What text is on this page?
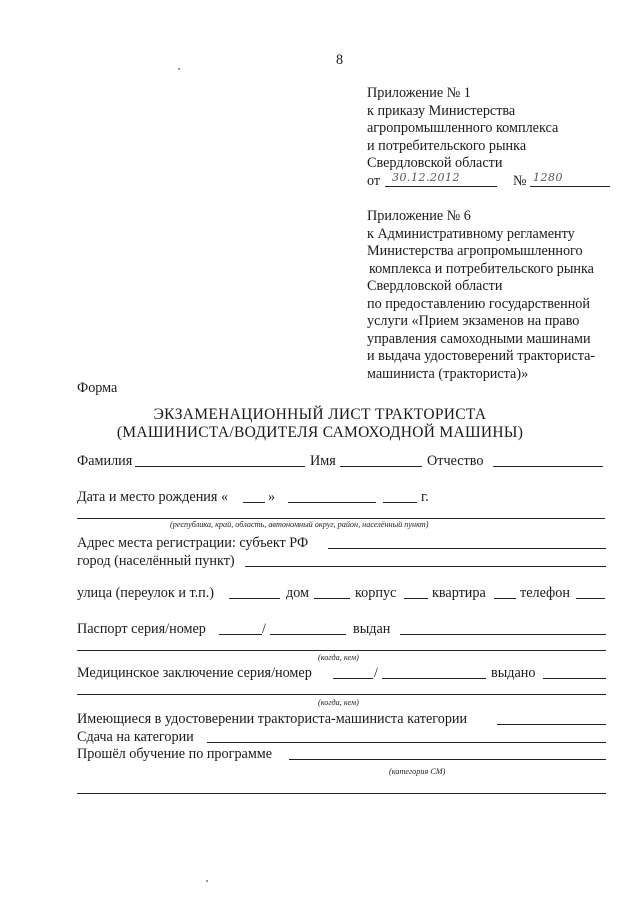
8
Приложение № 1
к приказу Министерства
агропромышленного комплекса
и потребительского рынка
Свердловской области
от 30.12.2012	№ 1280
Приложение № 6
к Административному регламенту
Министерства агропромышленного
комплекса и потребительского рынка
Свердловской области
по предоставлению государственной
услуги «Прием экзаменов на право
управления самоходными машинами
и выдача удостоверений тракториста-
машиниста (тракториста)»
Форма
ЭКЗАМЕНАЦИОННЫЙ ЛИСТ ТРАКТОРИСТА
(МАШИНИСТА/ВОДИТЕЛЯ САМОХОДНОЙ МАШИНЫ)
Фамилия	Имя	Отчество
Дата и место рождения «	»	г.
(республика, край, область, автономный округ, район, населённый пункт)
Адрес места регистрации: субъект РФ
город (населённый пункт)
улица (переулок и т.п.)	дом	корпус	квартира телефон
Паспорт серия/номер	/	выдан
(когда, кем)
Медицинское заключение серия/номер	/	выдано
(когда, кем)
Имеющиеся в удостоверении тракториста-машиниста категории
Сдача на категории
Прошёл обучение по программе
(категория СМ)
